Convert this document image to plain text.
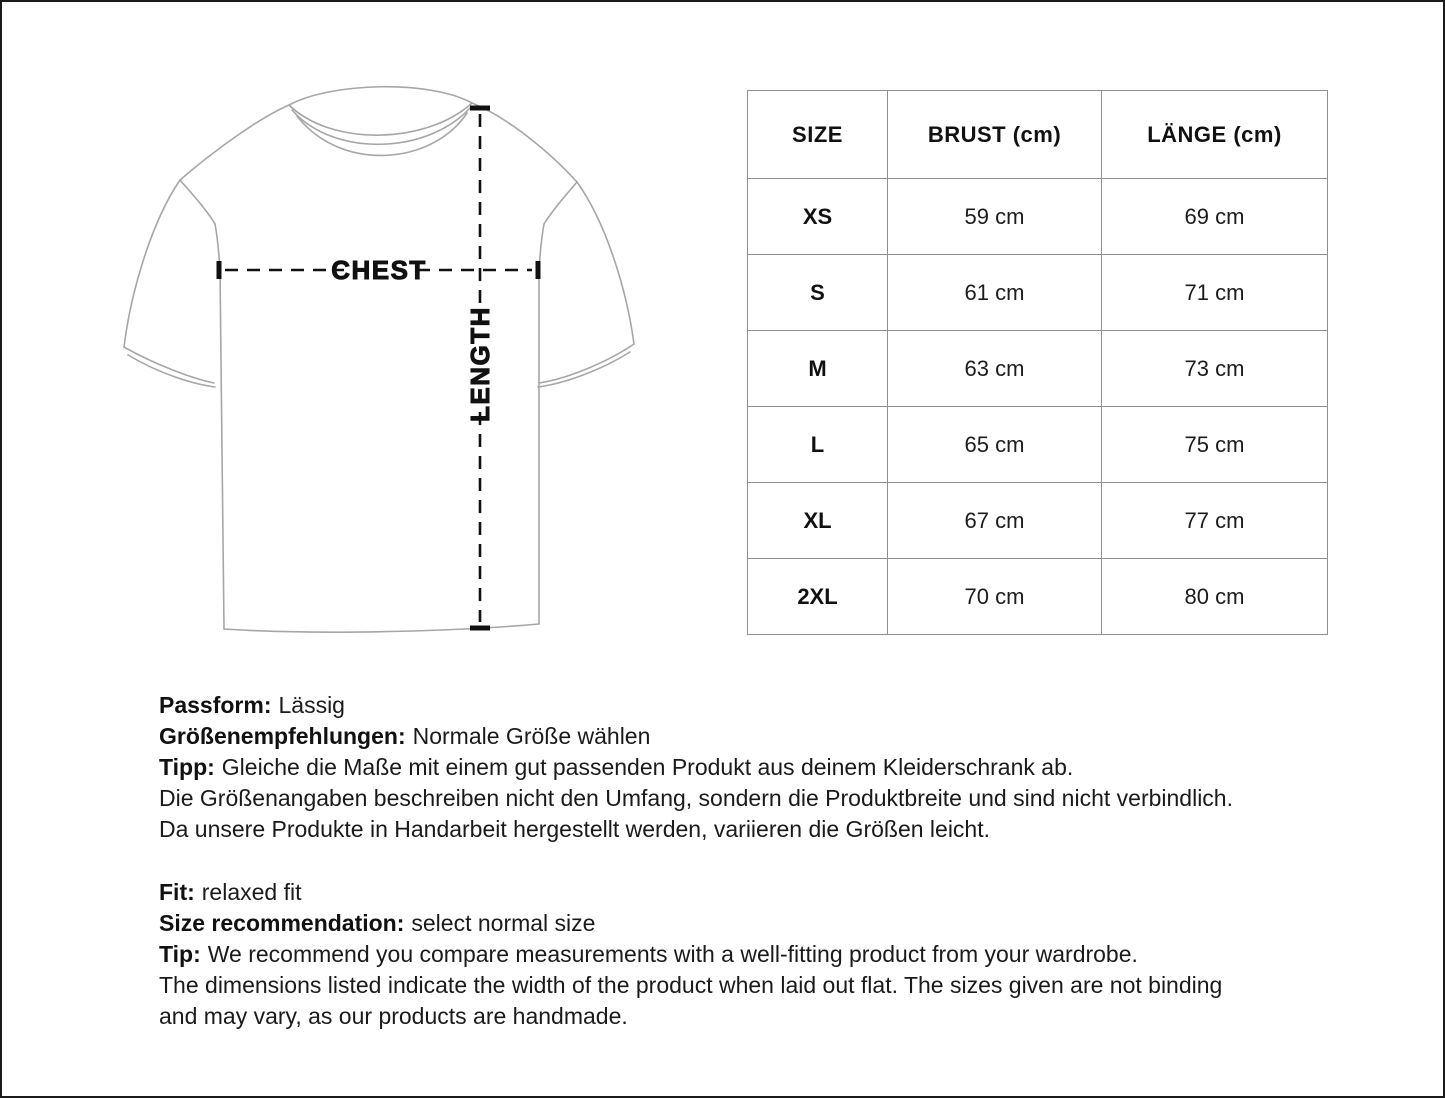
CHEST
LENGTH
SIZE	BRUST (cm)	LÄNGE (cm)
XS	59 cm	69 cm
S	61 cm	71 cm
M	63 cm	73 cm
L	65 cm	75 cm
XL	67 cm	77 cm
2XL	70 cm	80 cm
Passform: Lässig
Größenempfehlungen: Normale Größe wählen
Tipp: Gleiche die Maße mit einem gut passenden Produkt aus deinem Kleiderschrank ab.
Die Größenangaben beschreiben nicht den Umfang, sondern die Produktbreite und sind nicht verbindlich.
Da unsere Produkte in Handarbeit hergestellt werden, variieren die Größen leicht.
Fit: relaxed fit
Size recommendation: select normal size
Tip: We recommend you compare measurements with a well-fitting product from your wardrobe.
The dimensions listed indicate the width of the product when laid out flat. The sizes given are not binding
and may vary, as our products are handmade.
